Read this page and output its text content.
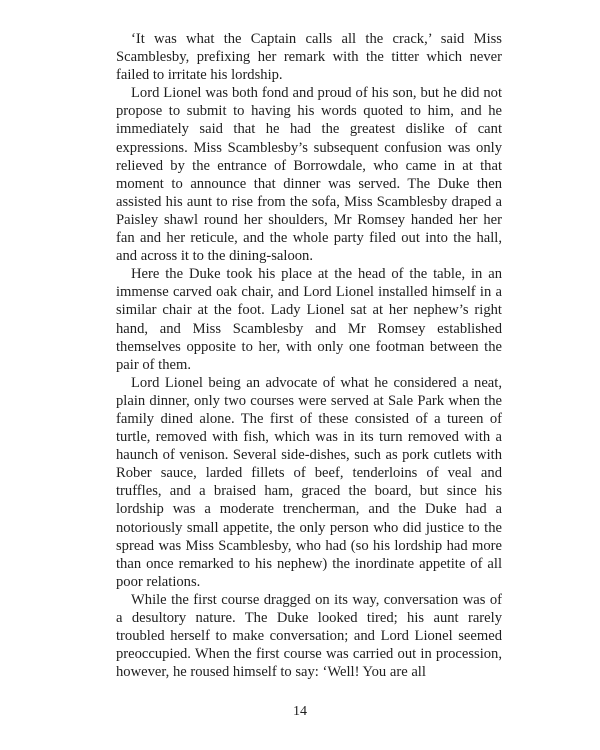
‘It was what the Captain calls all the crack,’ said Miss Scamblesby, prefixing her remark with the titter which never failed to irritate his lordship.

Lord Lionel was both fond and proud of his son, but he did not propose to submit to having his words quoted to him, and he immediately said that he had the greatest dislike of cant expressions. Miss Scamblesby’s subsequent confusion was only relieved by the entrance of Borrowdale, who came in at that moment to announce that dinner was served. The Duke then assisted his aunt to rise from the sofa, Miss Scamblesby draped a Paisley shawl round her shoulders, Mr Romsey handed her her fan and her reticule, and the whole party filed out into the hall, and across it to the dining-saloon.

Here the Duke took his place at the head of the table, in an immense carved oak chair, and Lord Lionel installed himself in a similar chair at the foot. Lady Lionel sat at her nephew’s right hand, and Miss Scamblesby and Mr Romsey established themselves opposite to her, with only one footman between the pair of them.

Lord Lionel being an advocate of what he considered a neat, plain dinner, only two courses were served at Sale Park when the family dined alone. The first of these consisted of a tureen of turtle, removed with fish, which was in its turn removed with a haunch of venison. Several side-dishes, such as pork cutlets with Rober sauce, larded fillets of beef, tenderloins of veal and truffles, and a braised ham, graced the board, but since his lordship was a moderate trencherman, and the Duke had a notoriously small appetite, the only person who did justice to the spread was Miss Scamblesby, who had (so his lordship had more than once remarked to his nephew) the inordinate appetite of all poor relations.

While the first course dragged on its way, conversation was of a desultory nature. The Duke looked tired; his aunt rarely troubled herself to make conversation; and Lord Lionel seemed preoccupied. When the first course was carried out in procession, however, he roused himself to say: ‘Well! You are all

14
